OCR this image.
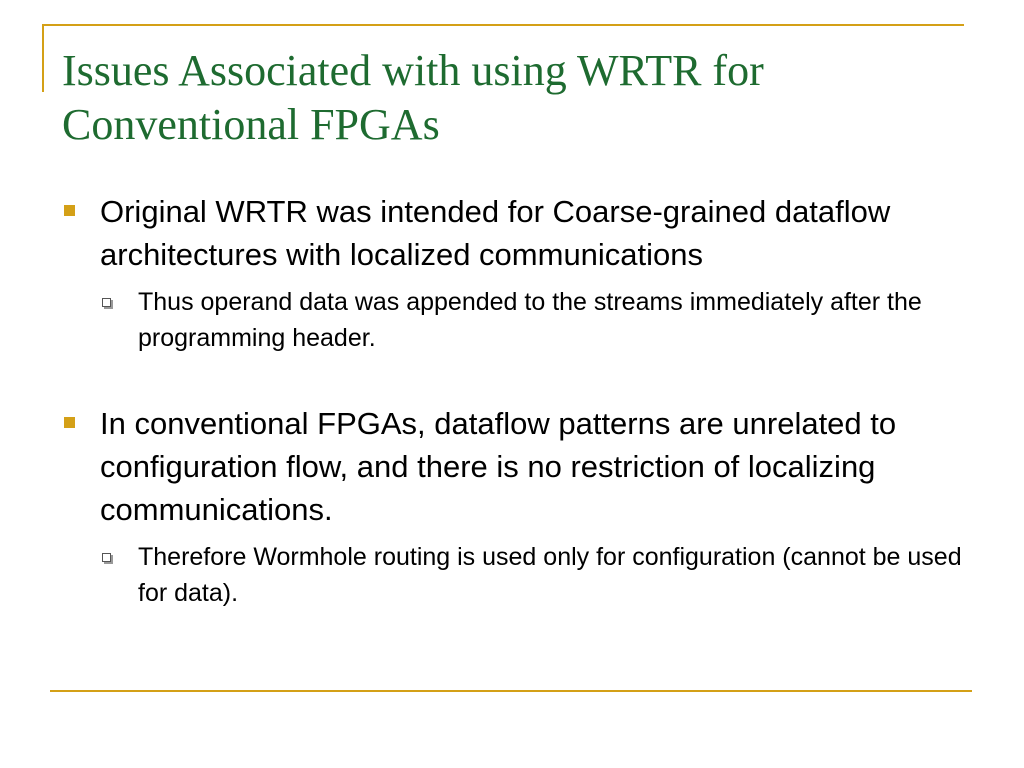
Issues Associated with using WRTR for Conventional FPGAs
Original WRTR was intended for Coarse-grained dataflow architectures with localized communications
Thus operand data was appended to the streams immediately after the programming header.
In conventional FPGAs, dataflow patterns are unrelated to configuration flow, and there is no restriction of localizing communications.
Therefore Wormhole routing is used only for configuration (cannot be used for data).
